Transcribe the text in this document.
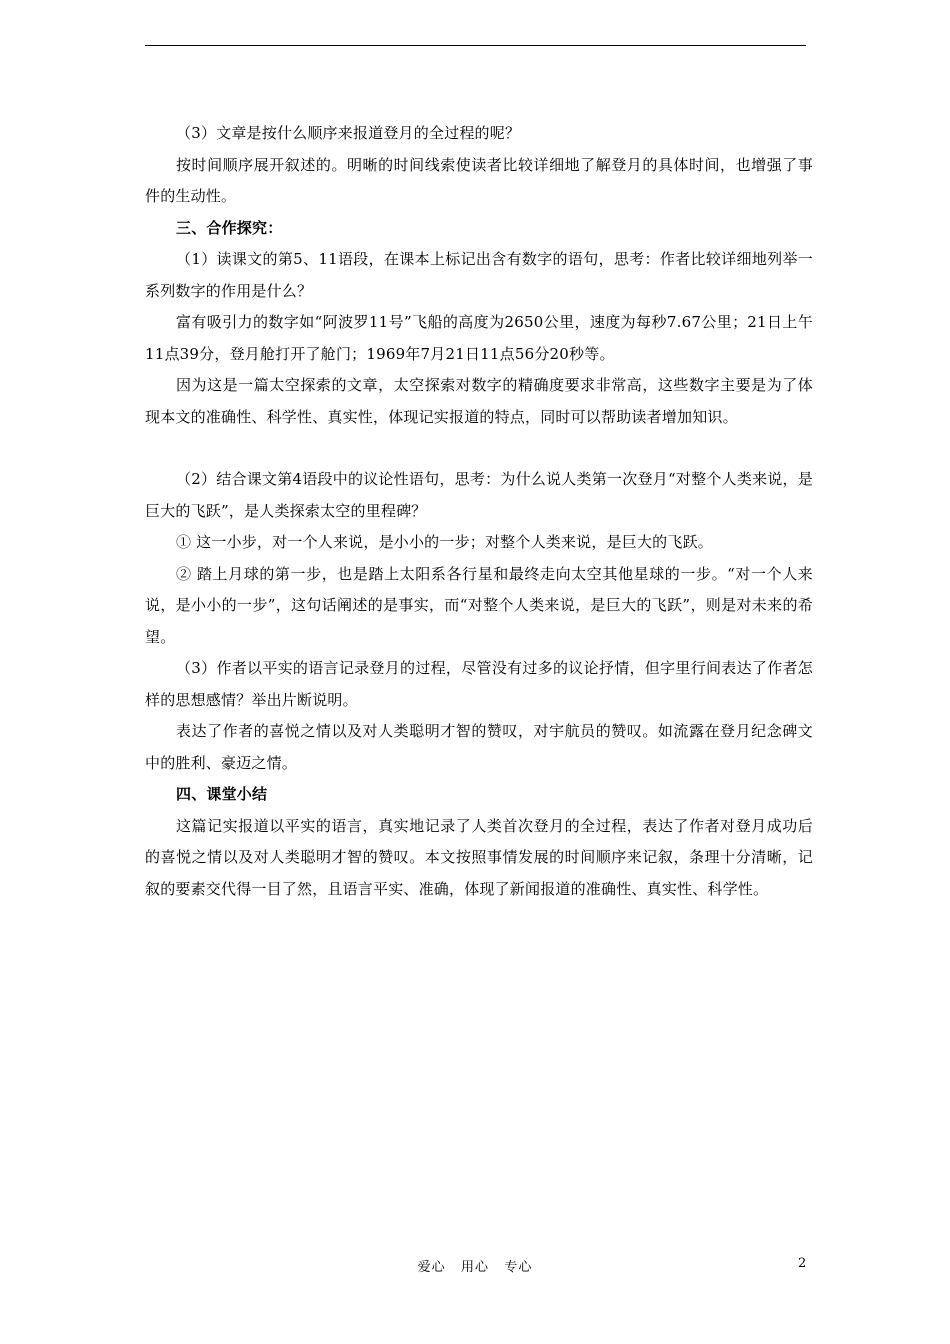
（3）文章是按什么顺序来报道登月的全过程的呢？

按时间顺序展开叙述的。明晰的时间线索使读者比较详细地了解登月的具体时间，也增强了事件的生动性。

三、合作探究：

（1）读课文的第5、11语段，在课本上标记出含有数字的语句，思考：作者比较详细地列举一系列数字的作用是什么？

富有吸引力的数字如“阿波罗11号”飞船的高度为2650公里，速度为每秒7.67公里；21日上午11点39分，登月舱打开了舱门；1969年7月21日11点56分20秒等。

因为这是一篇太空探索的文章，太空探索对数字的精确度要求非常高，这些数字主要是为了体现本文的准确性、科学性、真实性，体现记实报道的特点，同时可以帮助读者增加知识。

（2）结合课文第4语段中的议论性语句，思考：为什么说人类第一次登月“对整个人类来说，是巨大的飞跃”，是人类探索太空的里程碑？

① 这一小步，对一个人来说，是小小的一步；对整个人类来说，是巨大的飞跃。

② 踏上月球的第一步，也是踏上太阳系各行星和最终走向太空其他星球的一步。“对一个人来说，是小小的一步”，这句话阐述的是事实，而“对整个人类来说，是巨大的飞跃”，则是对未来的希望。

（3）作者以平实的语言记录登月的过程，尽管没有过多的议论抒情，但字里行间表达了作者怎样的思想感情？举出片断说明。

表达了作者的喜悦之情以及对人类聪明才智的赞叹，对宇航员的赞叹。如流露在登月纪念碑文中的胜利、豪迈之情。

四、课堂小结

这篇记实报道以平实的语言，真实地记录了人类首次登月的全过程，表达了作者对登月成功后的喜悦之情以及对人类聪明才智的赞叹。本文按照事情发展的时间顺序来记叙，条理十分清晰，记叙的要素交代得一目了然，且语言平实、准确，体现了新闻报道的准确性、真实性、科学性。

爱心   用心   专心	2
